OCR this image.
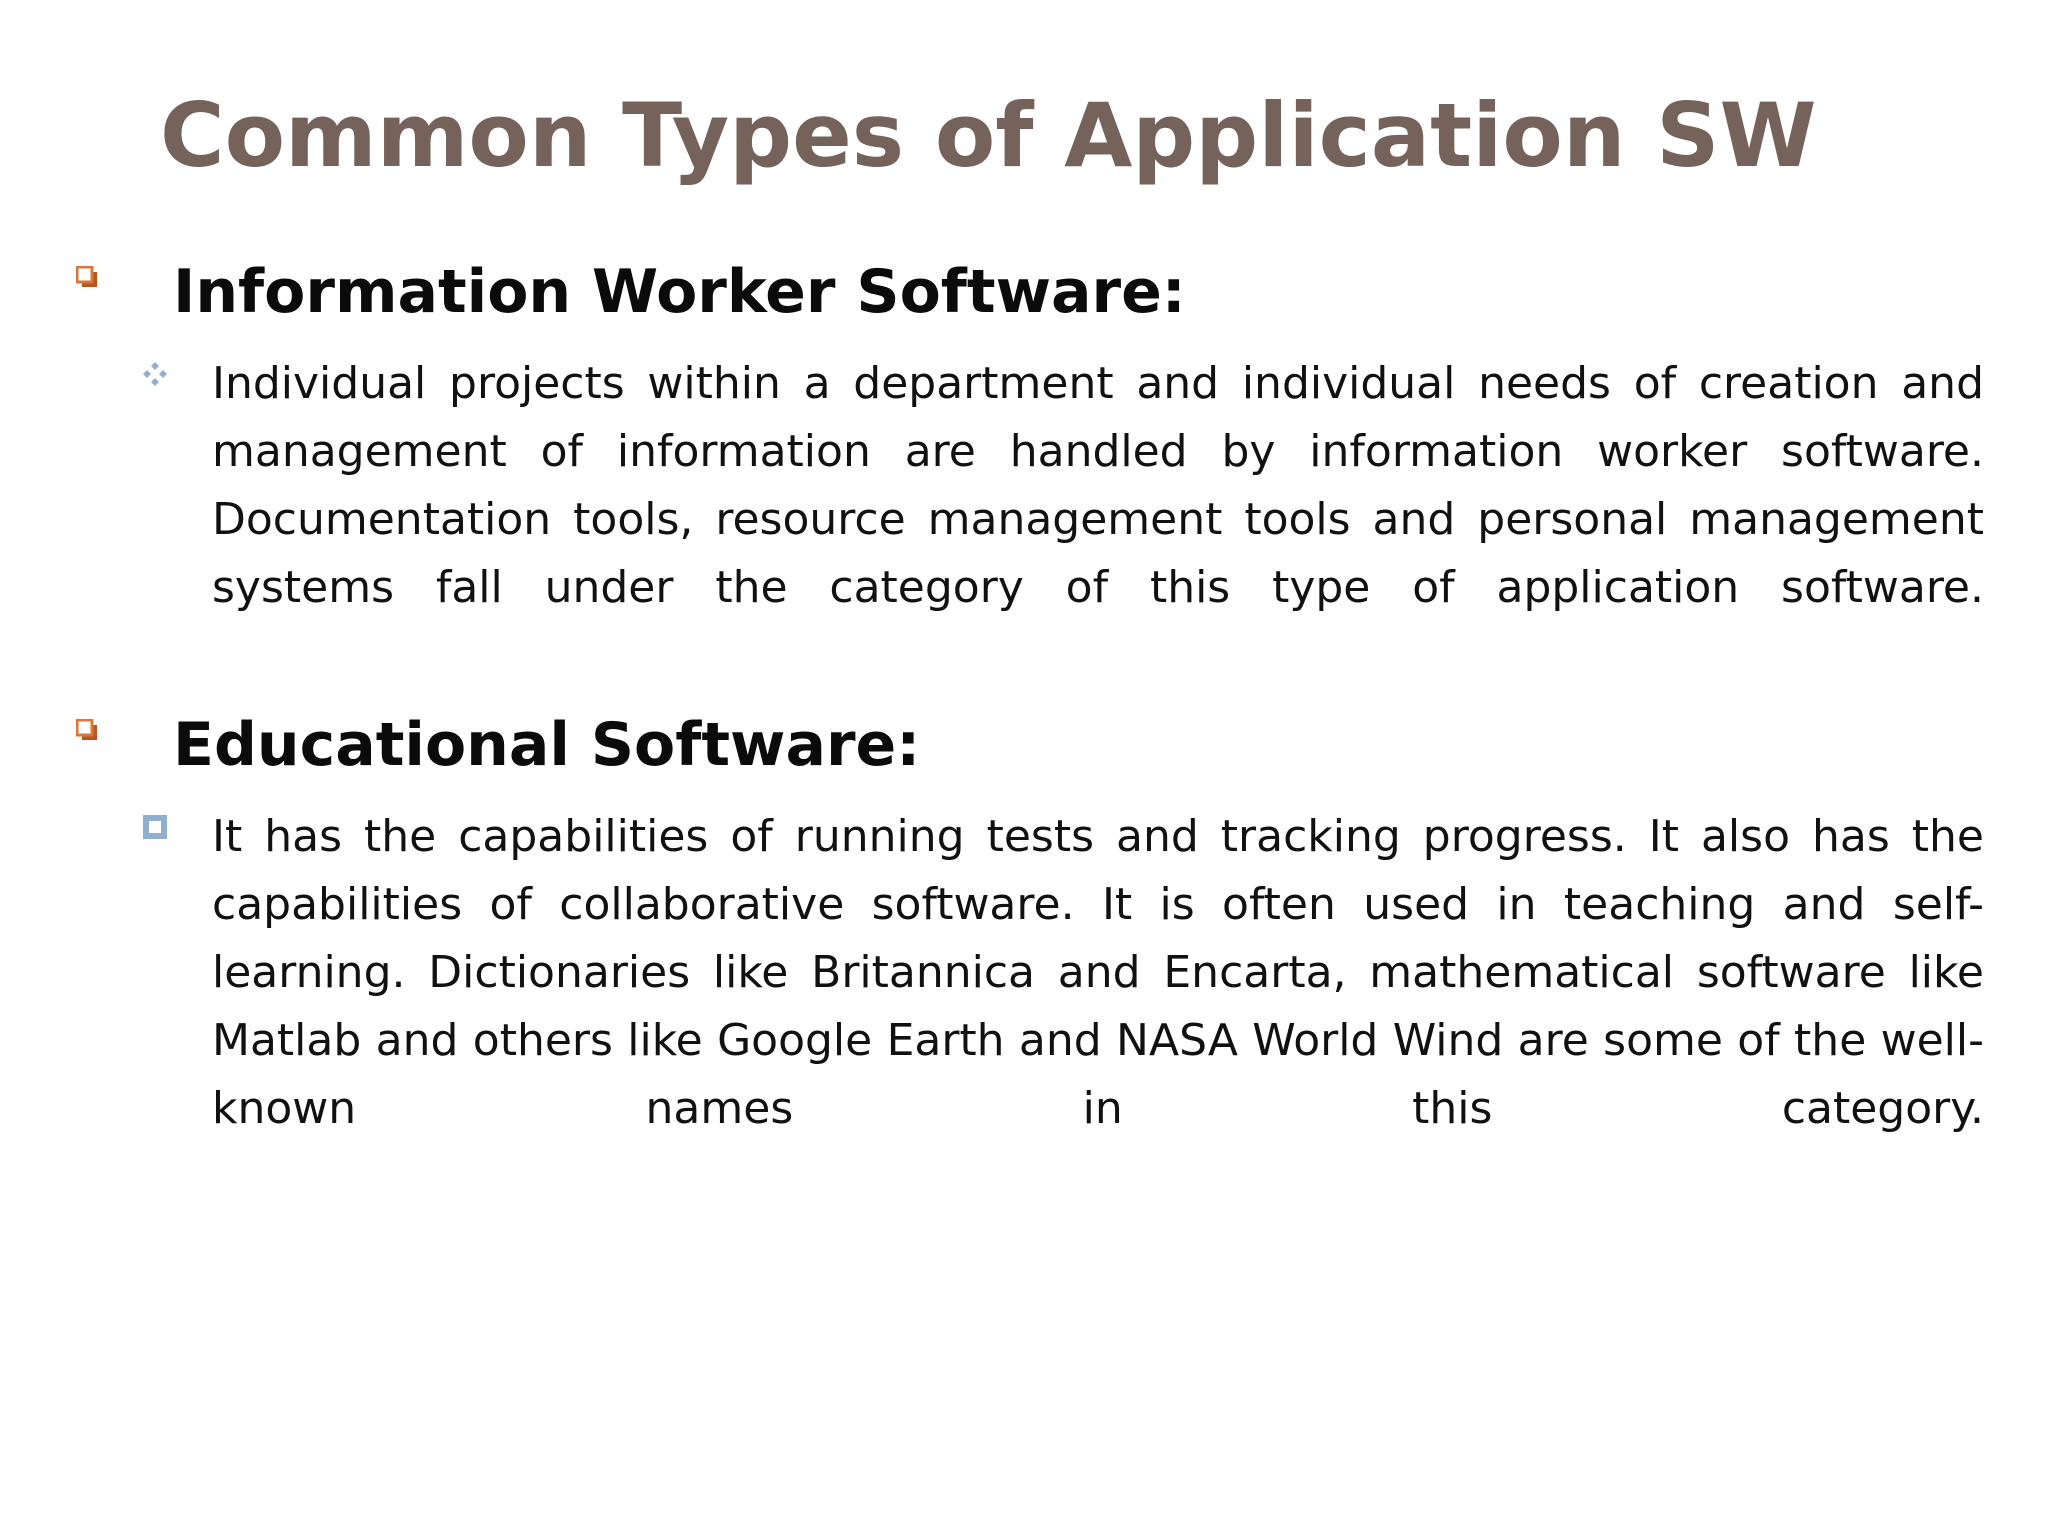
Common Types of Application SW
Information Worker Software:

Individual projects within a department and individual needs of creation and management of information are handled by information worker software. Documentation tools, resource management tools and personal management systems fall under the category of this type of application software.

Educational Software:

It has the capabilities of running tests and tracking progress. It also has the capabilities of collaborative software. It is often used in teaching and self-learning. Dictionaries like Britannica and Encarta, mathematical software like Matlab and others like Google Earth and NASA World Wind are some of the well-known names in this category.
